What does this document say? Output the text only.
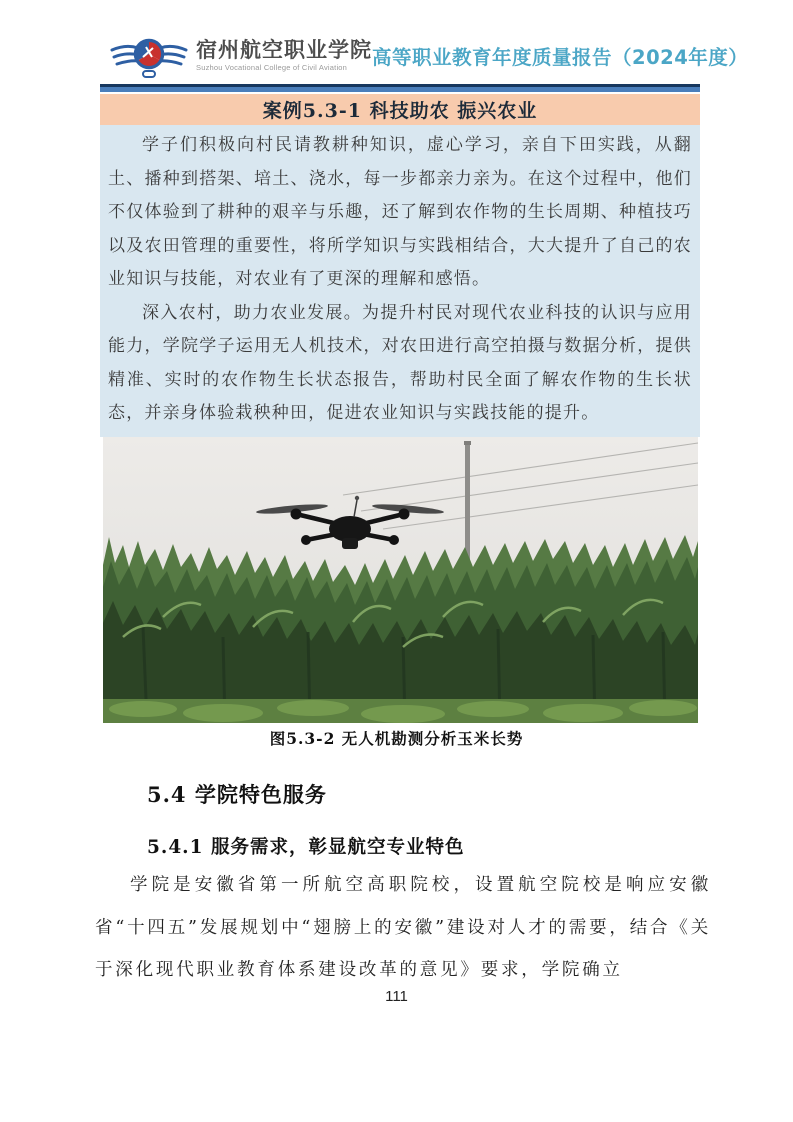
宿州航空职业学院
Suzhou Vocational College of Civil Aviation	高等职业教育年度质量报告（2024年度）
案例5.3-1 科技助农 振兴农业

学子们积极向村民请教耕种知识，虚心学习，亲自下田实践，从翻土、播种到搭架、培土、浇水，每一步都亲力亲为。在这个过程中，他们不仅体验到了耕种的艰辛与乐趣，还了解到农作物的生长周期、种植技巧以及农田管理的重要性，将所学知识与实践相结合，大大提升了自己的农业知识与技能，对农业有了更深的理解和感悟。

深入农村，助力农业发展。为提升村民对现代农业科技的认识与应用能力，学院学子运用无人机技术，对农田进行高空拍摄与数据分析，提供精准、实时的农作物生长状态报告，帮助村民全面了解农作物的生长状态，并亲身体验栽秧种田，促进农业知识与实践技能的提升。

图5.3-2 无人机勘测分析玉米长势
5.4 学院特色服务
5.4.1 服务需求，彰显航空专业特色

学院是安徽省第一所航空高职院校，设置航空院校是响应安徽省“十四五”发展规划中“翅膀上的安徽”建设对人才的需要，结合《关于深化现代职业教育体系建设改革的意见》要求，学院确立

111
